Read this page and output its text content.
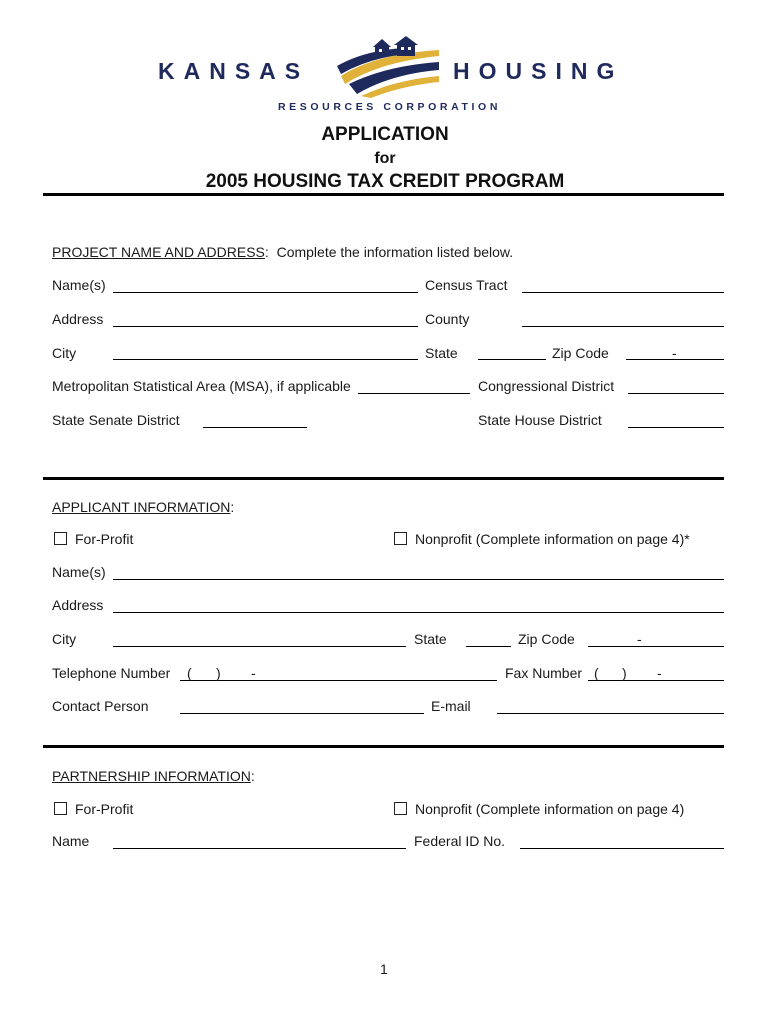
KANSAS	HOUSING
RESOURCES CORPORATION
APPLICATION
for
2005 HOUSING TAX CREDIT PROGRAM
PROJECT NAME AND ADDRESS: Complete the information listed below.
Name(s)	Census Tract
Address	County
City	State	Zip Code	-
Metropolitan Statistical Area (MSA), if applicable	Congressional District
State Senate District	State House District
APPLICANT INFORMATION:
For-Profit	Nonprofit (Complete information on page 4)*
Name(s)
Address
City	State	Zip Code	-
Telephone Number ( ) -	Fax Number ( ) -
Contact Person	E-mail
PARTNERSHIP INFORMATION:
For-Profit	Nonprofit (Complete information on page 4)
Name	Federal ID No.
1
